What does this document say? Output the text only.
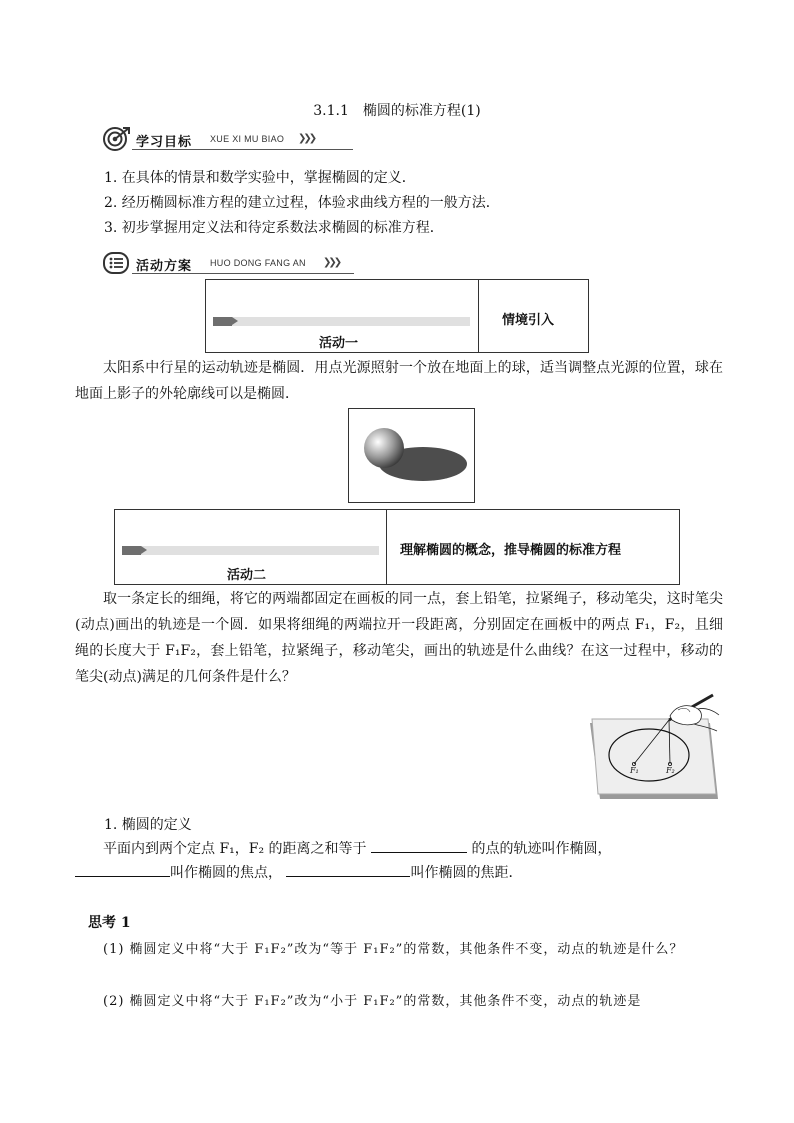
3.1.1　椭圆的标准方程(1)
学习目标 XUE XI MU BIAO ❯❯❯
1. 在具体的情景和数学实验中，掌握椭圆的定义．
2. 经历椭圆标准方程的建立过程，体验求曲线方程的一般方法．
3. 初步掌握用定义法和待定系数法求椭圆的标准方程．
活动方案 HUO DONG FANG AN ❯❯❯
活动一
情境引入

太阳系中行星的运动轨迹是椭圆．用点光源照射一个放在地面上的球，适当调整点光源的位置，球在地面上影子的外轮廓线可以是椭圆．

活动二
理解椭圆的概念，推导椭圆的标准方程

取一条定长的细绳，将它的两端都固定在画板的同一点，套上铅笔，拉紧绳子，移动笔尖，这时笔尖(动点)画出的轨迹是一个圆．如果将细绳的两端拉开一段距离，分别固定在画板中的两点 F₁，F₂，且细绳的长度大于 F₁F₂，套上铅笔，拉紧绳子，移动笔尖，画出的轨迹是什么曲线？在这一过程中，移动的笔尖(动点)满足的几何条件是什么？

F₁	F₂
1. 椭圆的定义
平面内到两个定点 F₁，F₂ 的距离之和等于	的点的轨迹叫作椭圆，
叫作椭圆的焦点，	叫作椭圆的焦距．
思考 1

(1) 椭圆定义中将“大于 F₁F₂”改为“等于 F₁F₂”的常数，其他条件不变，动点的轨迹是什么？

(2) 椭圆定义中将“大于 F₁F₂”改为“小于 F₁F₂”的常数，其他条件不变，动点的轨迹是
